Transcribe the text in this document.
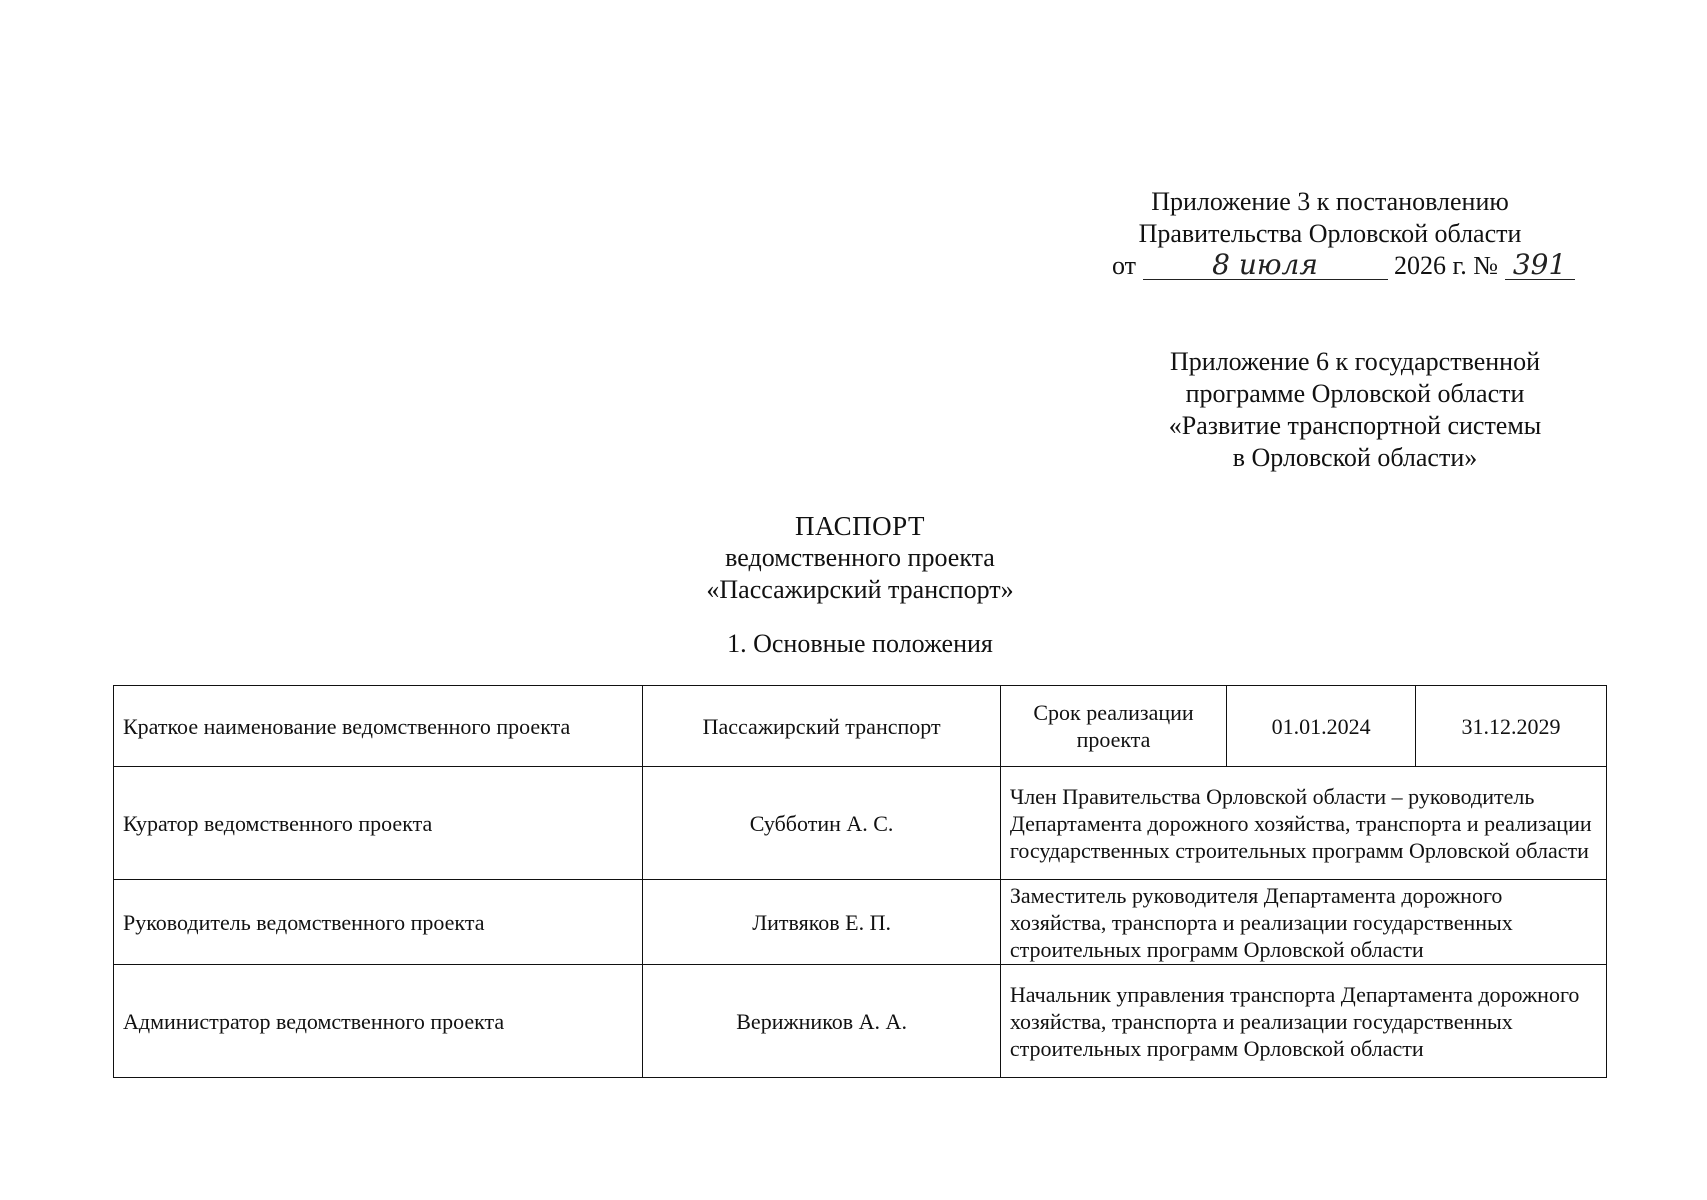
Приложение 3 к постановлению
Правительства Орловской области
от	8 июля	2026 г. № 391
Приложение 6 к государственной
программе Орловской области
«Развитие транспортной системы
в Орловской области»
ПАСПОРТ
ведомственного проекта
«Пассажирский транспорт»
1. Основные положения
Краткое наименование ведомственного проекта	Пассажирский транспорт	Срок реализации проекта	01.01.2024	31.12.2029
Куратор ведомственного проекта	Субботин А. С.	Член Правительства Орловской области – руководитель Департамента дорожного хозяйства, транспорта и реализации государственных строительных программ Орловской области		
Руководитель ведомственного проекта	Литвяков Е. П.	Заместитель руководителя Департамента дорожного хозяйства, транспорта и реализации государственных строительных программ Орловской области		
Администратор ведомственного проекта	Верижников А. А.	Начальник управления транспорта Департамента дорожного хозяйства, транспорта и реализации государственных строительных программ Орловской области		
